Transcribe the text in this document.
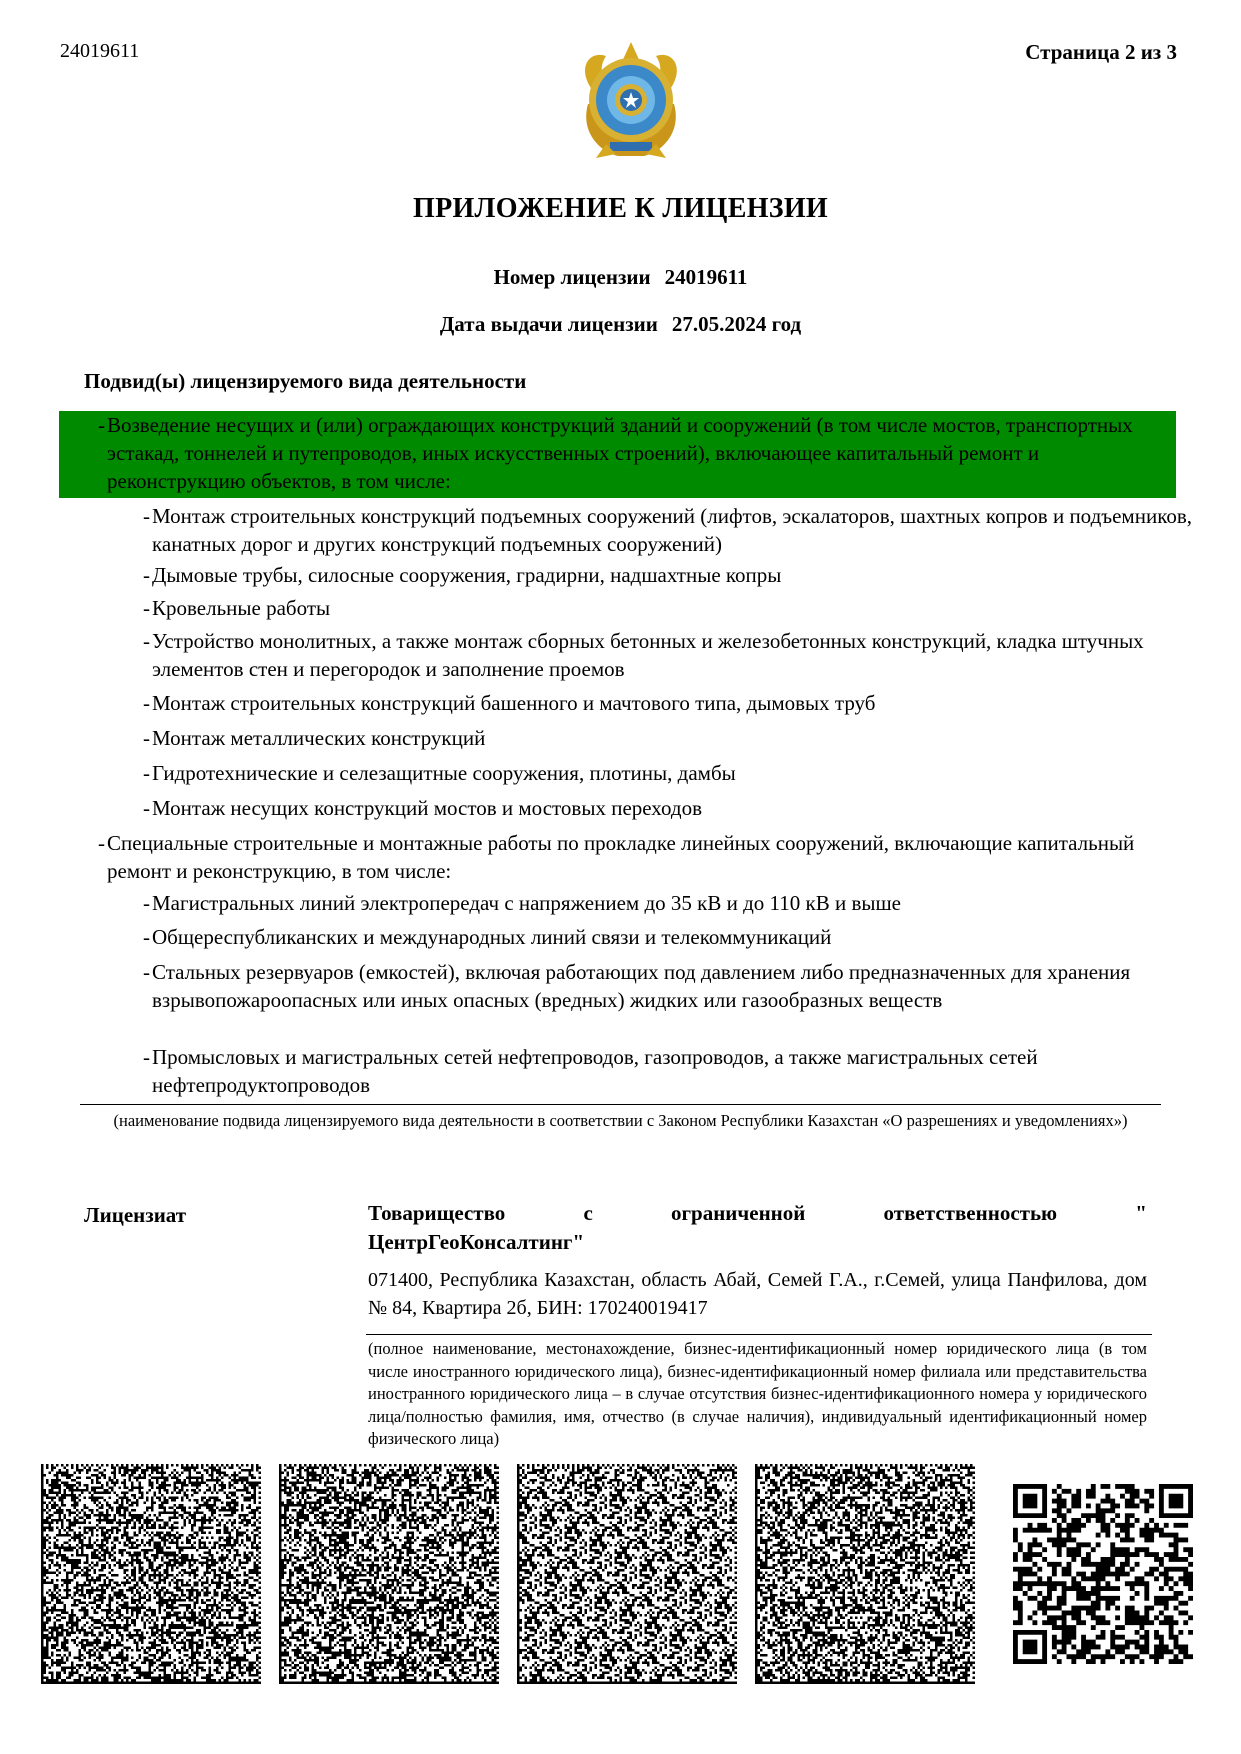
24019611	Страница 2 из 3
ПРИЛОЖЕНИЕ К ЛИЦЕНЗИИ
Номер лицензии 24019611
Дата выдачи лицензии 27.05.2024 год
Подвид(ы) лицензируемого вида деятельности
- Возведение несущих и (или) ограждающих конструкций зданий и сооружений (в том числе мостов, транспортных эстакад, тоннелей и путепроводов, иных искусственных строений), включающее капитальный ремонт и реконструкцию объектов, в том числе:
- Монтаж строительных конструкций подъемных сооружений (лифтов, эскалаторов, шахтных копров и подъемников, канатных дорог и других конструкций подъемных сооружений)
- Дымовые трубы, силосные сооружения, градирни, надшахтные копры
- Кровельные работы
- Устройство монолитных, а также монтаж сборных бетонных и железобетонных конструкций, кладка штучных элементов стен и перегородок и заполнение проемов
- Монтаж строительных конструкций башенного и мачтового типа, дымовых труб
- Монтаж металлических конструкций
- Гидротехнические и селезащитные сооружения, плотины, дамбы
- Монтаж несущих конструкций мостов и мостовых переходов
- Специальные строительные и монтажные работы по прокладке линейных сооружений, включающие капитальный ремонт и реконструкцию, в том числе:
- Магистральных линий электропередач с напряжением до 35 кВ и до 110 кВ и выше
- Общереспубликанских и международных линий связи и телекоммуникаций
- Стальных резервуаров (емкостей), включая работающих под давлением либо предназначенных для хранения взрывопожароопасных или иных опасных (вредных) жидких или газообразных веществ
- Промысловых и магистральных сетей нефтепроводов, газопроводов, а также магистральных сетей нефтепродуктопроводов
(наименование подвида лицензируемого вида деятельности в соответствии с Законом Республики Казахстан «О разрешениях и уведомлениях»)
Лицензиат	Товарищество	с	ограниченной	ответственностью	"
ЦентрГеоКонсалтинг"
071400, Республика Казахстан, область Абай, Семей Г.А., г.Семей, улица Панфилова, дом № 84, Квартира 2б, БИН: 170240019417
(полное наименование, местонахождение, бизнес-идентификационный номер юридического лица (в том числе иностранного юридического лица), бизнес-идентификационный номер филиала или представительства иностранного юридического лица – в случае отсутствия бизнес-идентификационного номера у юридического лица/полностью фамилия, имя, отчество (в случае наличия), индивидуальный идентификационный номер физического лица)
